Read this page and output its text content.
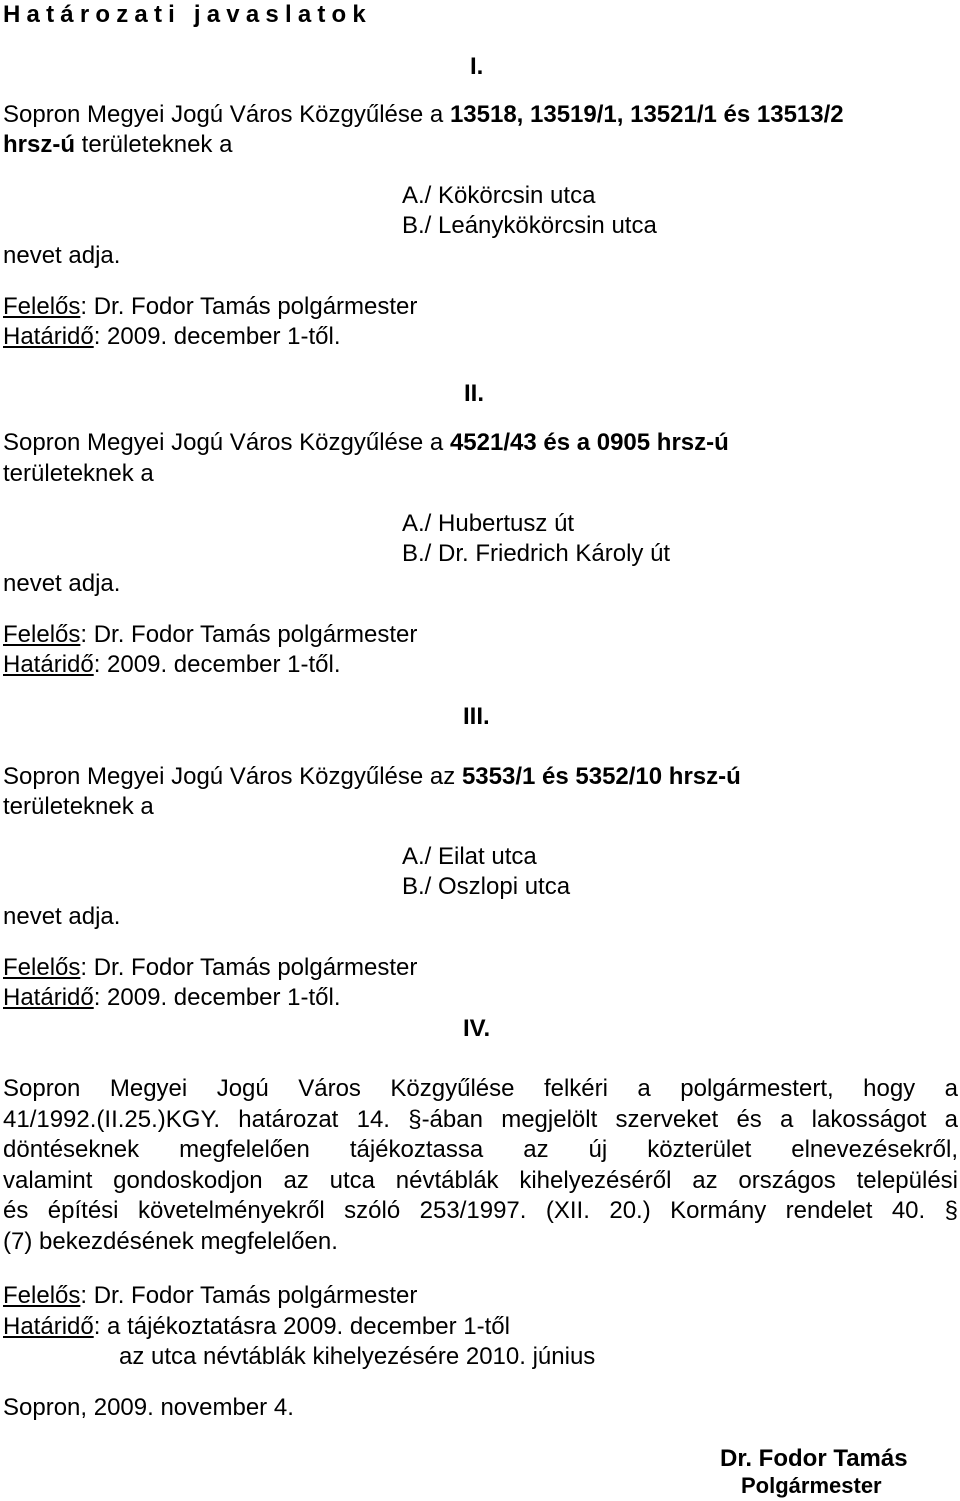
Határozati javaslatok
I.
Sopron Megyei Jogú Város Közgyűlése a 13518, 13519/1, 13521/1 és 13513/2
hrsz-ú területeknek a
A./ Kökörcsin utca
B./ Leánykökörcsin utca
nevet adja.
Felelős: Dr. Fodor Tamás polgármester
Határidő: 2009. december 1-től.
II.
Sopron Megyei Jogú Város Közgyűlése a 4521/43 és a 0905 hrsz-ú
területeknek a
A./ Hubertusz út
B./ Dr. Friedrich Károly út
nevet adja.
Felelős: Dr. Fodor Tamás polgármester
Határidő: 2009. december 1-től.
III.
Sopron Megyei Jogú Város Közgyűlése az 5353/1 és 5352/10 hrsz-ú
területeknek a
A./ Eilat utca
B./ Oszlopi utca
nevet adja.
Felelős: Dr. Fodor Tamás polgármester
Határidő: 2009. december 1-től.
IV.
Sopron Megyei Jogú Város Közgyűlése felkéri a polgármestert, hogy a
41/1992.(II.25.)KGY. határozat 14. §-ában megjelölt szerveket és a lakosságot a
döntéseknek megfelelően tájékoztassa az új közterület elnevezésekről,
valamint gondoskodjon az utca névtáblák kihelyezéséről az országos települési
és építési követelményekről szóló 253/1997. (XII. 20.) Kormány rendelet 40. §
(7) bekezdésének megfelelően.
Felelős: Dr. Fodor Tamás polgármester
Határidő: a tájékoztatásra 2009. december 1-től
az utca névtáblák kihelyezésére 2010. június
Sopron, 2009. november 4.
Dr. Fodor Tamás
Polgármester
